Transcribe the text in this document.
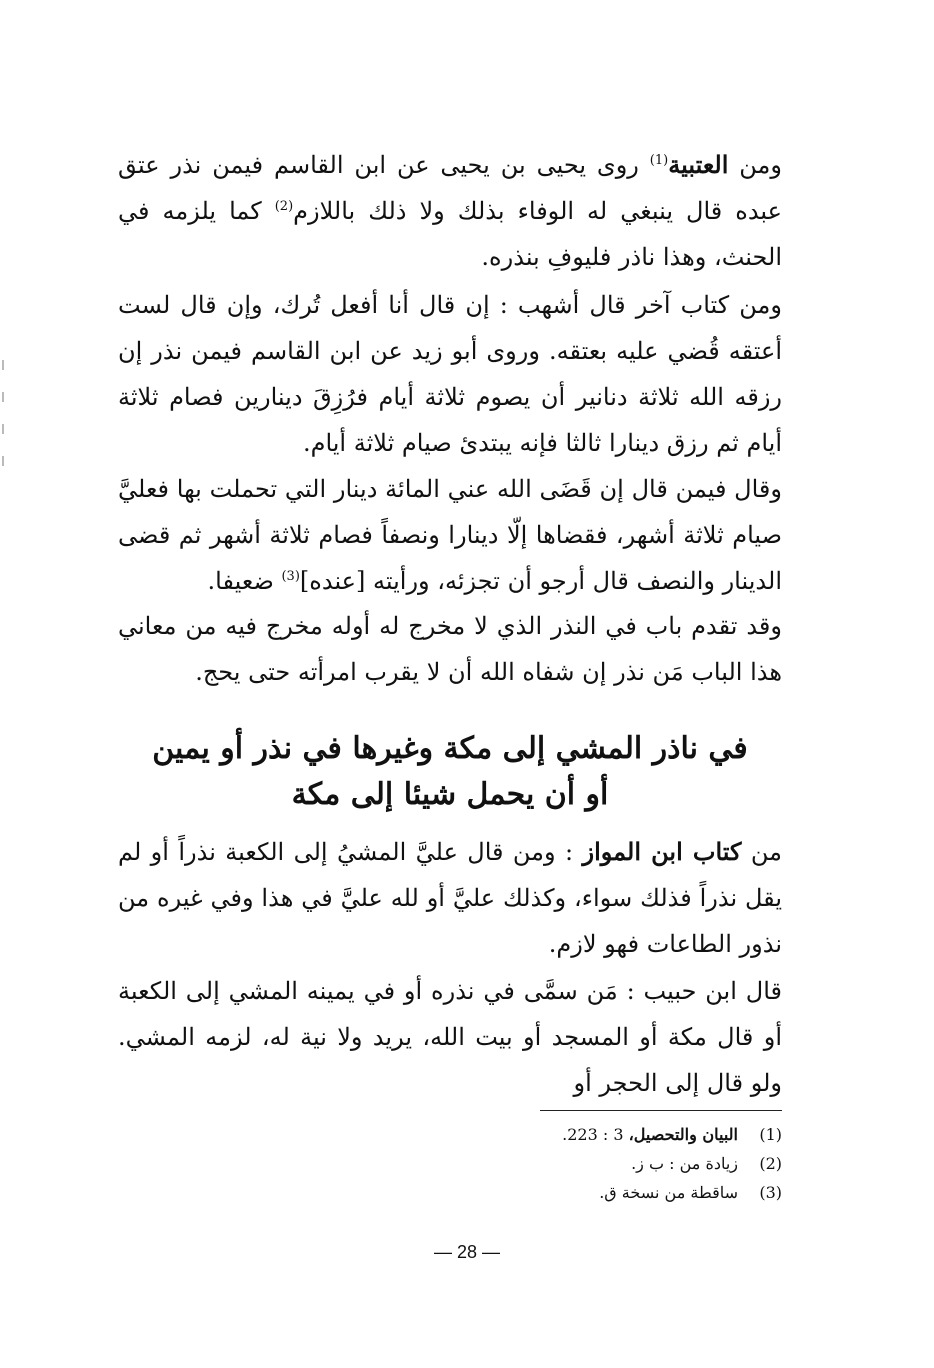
ومن العتبية$^{(1)}$ روى يحيى بن يحيى عن ابن القاسم فيمن نذر عتق عبده قال ينبغي له الوفاء بذلك ولا ذلك باللازم$^{(2)}$ كما يلزمه في الحنث، وهذا ناذر فليوفِ بنذره.
ومن كتاب آخر قال أشهب : إن قال أنا أفعل تُرك، وإن قال لست أعتقه قُضي عليه بعتقه. وروى أبو زيد عن ابن القاسم فيمن نذر إن رزقه الله ثلاثة دنانير أن يصوم ثلاثة أيام فرُزِقَ دينارين فصام ثلاثة أيام ثم رزق دينارا ثالثا فإنه يبتدئ صيام ثلاثة أيام.
وقال فيمن قال إن قَضَى الله عني المائة دينار التي تحملت بها فعليَّ صيام ثلاثة أشهر، فقضاها إلّا دينارا ونصفاً فصام ثلاثة أشهر ثم قضى الدينار والنصف قال أرجو أن تجزئه، ورأيته [عنده]$^{(3)}$ ضعيفا.
وقد تقدم باب في النذر الذي لا مخرج له أوله مخرج فيه من معاني هذا الباب مَن نذر إن شفاه الله أن لا يقرب امرأته حتى يحج.
في ناذر المشي إلى مكة وغيرها في نذر أو يمين
أو أن يحمل شيئا إلى مكة
من كتاب ابن المواز : ومن قال عليَّ المشيُ إلى الكعبة نذراً أو لم يقل نذراً فذلك سواء، وكذلك عليَّ أو لله عليَّ في هذا وفي غيره من نذور الطاعات فهو لازم.
قال ابن حبيب : مَن سمَّى في نذره أو في يمينه المشي إلى الكعبة أو قال مكة أو المسجد أو بيت الله، يريد ولا نية له، لزمه المشي. ولو قال إلى الحجر أو
(1)البيان والتحصيل، 3 : 223.
(2)زيادة من : ب ز.
(3)ساقطة من نسخة ق.
— 28 —
